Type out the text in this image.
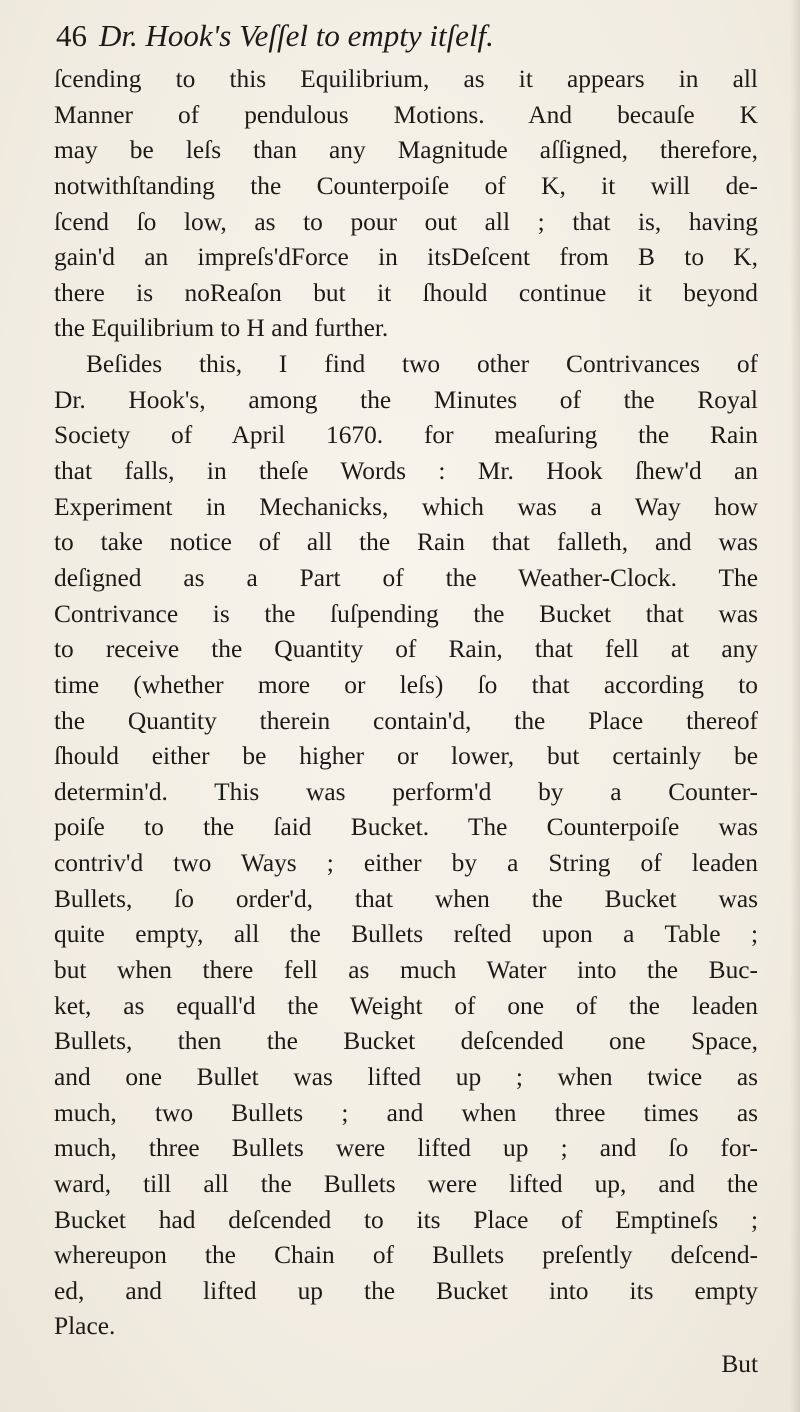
46 Dr. Hook's Veſſel to empty itſelf.
ſcending to this Equilibrium, as it appears in all
Manner of pendulous Motions. And becauſe K
may be leſs than any Magnitude aſſigned, therefore,
notwithſtanding the Counterpoiſe of K, it will de-
ſcend ſo low, as to pour out all ; that is, having
gain'd an impreſs'dForce in itsDeſcent from B to K,
there is noReaſon but it ſhould continue it beyond
the Equilibrium to H and further.
Beſides this, I find two other Contrivances of
Dr. Hook's, among the Minutes of the Royal
Society of April 1670. for meaſuring the Rain
that falls, in theſe Words : Mr. Hook ſhew'd an
Experiment in Mechanicks, which was a Way how
to take notice of all the Rain that falleth, and was
deſigned as a Part of the Weather-Clock. The
Contrivance is the ſuſpending the Bucket that was
to receive the Quantity of Rain, that fell at any
time (whether more or leſs) ſo that according to
the Quantity therein contain'd, the Place thereof
ſhould either be higher or lower, but certainly be
determin'd. This was perform'd by a Counter-
poiſe to the ſaid Bucket. The Counterpoiſe was
contriv'd two Ways ; either by a String of leaden
Bullets, ſo order'd, that when the Bucket was
quite empty, all the Bullets reſted upon a Table ;
but when there fell as much Water into the Buc-
ket, as equall'd the Weight of one of the leaden
Bullets, then the Bucket deſcended one Space,
and one Bullet was lifted up ; when twice as
much, two Bullets ; and when three times as
much, three Bullets were lifted up ; and ſo for-
ward, till all the Bullets were lifted up, and the
Bucket had deſcended to its Place of Emptineſs ;
whereupon the Chain of Bullets preſently deſcend-
ed, and lifted up the Bucket into its empty
Place.
But
